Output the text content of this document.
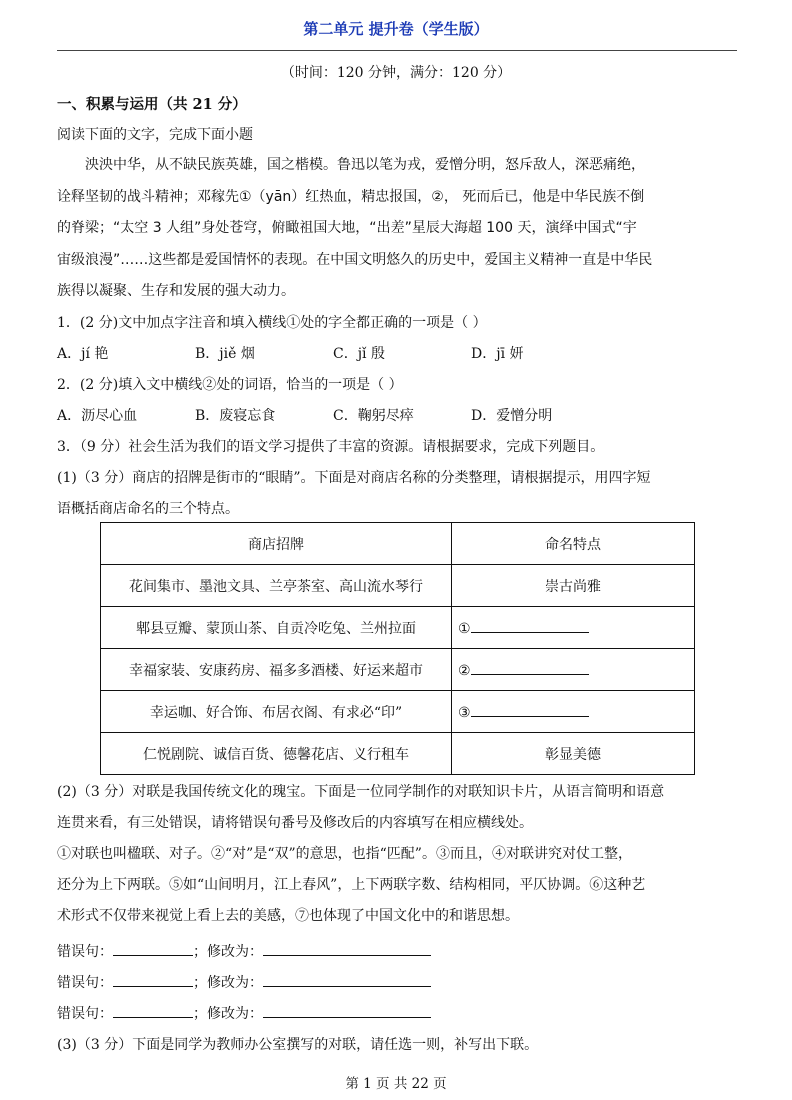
第二单元 提升卷（学生版）
（时间：120 分钟，满分：120 分）
一、积累与运用（共 21 分）
阅读下面的文字，完成下面小题

泱泱中华，从不缺民族英雄，国之楷模。鲁迅以笔为戎，爱憎分明，怒斥敌人，深恶痛绝，

诠释坚韧的战斗精神；邓稼先①（yān）红热血，精忠报国，②， 死而后已，他是中华民族不倒
的脊梁；“太空 3 人组”身处苍穹，俯瞰祖国大地，“出差”星辰大海超 100 天，演绎中国式“宇
宙级浪漫”……这些都是爱国情怀的表现。在中国文明悠久的历史中，爱国主义精神一直是中华民
族得以凝聚、生存和发展的强大动力。
1．(2 分)文中加点字注音和填入横线①处的字全都正确的一项是（ ）
A．jí 艳	B．jiě 烟	C．jǐ 殷	D．jī 妍
2．(2 分)填入文中横线②处的词语，恰当的一项是（ ）
A．沥尽心血	B．废寝忘食	C．鞠躬尽瘁	D．爱憎分明
3．（9 分）社会生活为我们的语文学习提供了丰富的资源。请根据要求，完成下列题目。
(1)（3 分）商店的招牌是街市的“眼睛”。下面是对商店名称的分类整理，请根据提示，用四字短
语概括商店命名的三个特点。
商店招牌	命名特点
花间集市、墨池文具、兰亭茶室、高山流水琴行	崇古尚雅
郫县豆瓣、蒙顶山茶、自贡冷吃兔、兰州拉面	①
幸福家装、安康药房、福多多酒楼、好运来超市	②
幸运咖、好合饰、布居衣阁、有求必“印”	③
仁悦剧院、诚信百货、德馨花店、义行租车	彰显美德
(2)（3 分）对联是我国传统文化的瑰宝。下面是一位同学制作的对联知识卡片，从语言简明和语意
连贯来看，有三处错误，请将错误句番号及修改后的内容填写在相应横线处。
①对联也叫楹联、对子。②“对”是“双”的意思，也指“匹配”。③而且，④对联讲究对仗工整，
还分为上下两联。⑤如“山间明月，江上春风”，上下两联字数、结构相同，平仄协调。⑥这种艺
术形式不仅带来视觉上看上去的美感，⑦也体现了中国文化中的和谐思想。
错误句：	；修改为：
错误句：	；修改为：
错误句：	；修改为：
(3)（3 分）下面是同学为教师办公室撰写的对联，请任选一则，补写出下联。
第 1 页 共 22 页
